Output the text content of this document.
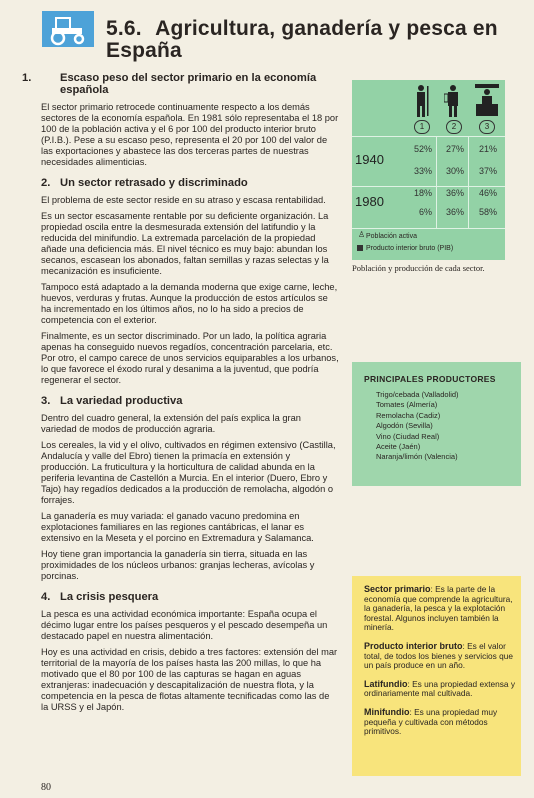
5.6. Agricultura, ganadería y pesca en España
1.	Escaso peso del sector primario en la economía española
El sector primario retrocede continuamente respecto a los demás sectores de la economía española. En 1981 sólo representaba el 18 por 100 de la población activa y el 6 por 100 del producto interior bruto (P.I.B.). Pese a su escaso peso, representa el 20 por 100 del valor de las exportaciones y abastece las dos terceras partes de nuestras necesidades alimenticias.
2. Un sector retrasado y discriminado
El problema de este sector reside en su atraso y escasa rentabilidad.
Es un sector escasamente rentable por su deficiente organización. La propiedad oscila entre la desmesurada extensión del latifundio y la reducida del minifundio. La extremada parcelación de la propiedad añade una deficiencia más. El nivel técnico es muy bajo: abundan los secanos, escasean los abonados, faltan semillas y razas selectas y la mecanización es insuficiente.
Tampoco está adaptado a la demanda moderna que exige carne, leche, huevos, verduras y frutas. Aunque la producción de estos artículos se ha incrementado en los últimos años, no lo ha sido a precios de competencia con el exterior.
Finalmente, es un sector discriminado. Por un lado, la política agraria apenas ha conseguido nuevos regadíos, concentración parcelaria, etc. Por otro, el campo carece de unos servicios equiparables a los urbanos, lo que favorece el éxodo rural y desanima a la juventud, que podría regenerar el sector.
3. La variedad productiva
Dentro del cuadro general, la extensión del país explica la gran variedad de modos de producción agraria.
Los cereales, la vid y el olivo, cultivados en régimen extensivo (Castilla, Andalucía y valle del Ebro) tienen la primacía en extensión y producción. La fruticultura y la horticultura de calidad abunda en la periferia levantina de Castellón a Murcia. En el interior (Duero, Ebro y Tajo) hay regadíos dedicados a la producción de remolacha, algodón o forrajes.
La ganadería es muy variada: el ganado vacuno predomina en explotaciones familiares en las regiones cantábricas, el lanar es extensivo en la Meseta y el porcino en Extremadura y Salamanca.
Hoy tiene gran importancia la ganadería sin tierra, situada en las proximidades de los núcleos urbanos: granjas lecheras, avícolas y porcinas.
4. La crisis pesquera
La pesca es una actividad económica importante: España ocupa el décimo lugar entre los países pesqueros y el pescado desempeña un destacado papel en nuestra alimentación.
Hoy es una actividad en crisis, debido a tres factores: extensión del mar territorial de la mayoría de los países hasta las 200 millas, lo que ha motivado que el 80 por 100 de las capturas se hagan en aguas extranjeras: inadecuación y descapitalización de nuestra flota, y la competencia en la pesca de flotas altamente tecnificadas como las de la URSS y el Japón.
80
1	2	3
1940
1980
52%	27%	21%
33%	30%	37%
18%	36%	46%
6%	36%	58%
♙ Población activa
Producto interior bruto (PIB)
Población y producción de cada sector.
PRINCIPALES PRODUCTORES
Trigo/cebada (Valladolid)
Tomates (Almería)
Remolacha (Cadiz)
Algodón (Sevilla)
Vino (Ciudad Real)
Aceite (Jaén)
Naranja/limón (Valencia)
Sector primario: Es la parte de la economía que comprende la agricultura, la ganadería, la pesca y la explotación forestal. Algunos incluyen también la minería.
Producto interior bruto: Es el valor total, de todos los bienes y servicios que un país produce en un año.
Latifundio: Es una propiedad extensa y ordinariamente mal cultivada.
Minifundio: Es una propiedad muy pequeña y cultivada con métodos primitivos.
